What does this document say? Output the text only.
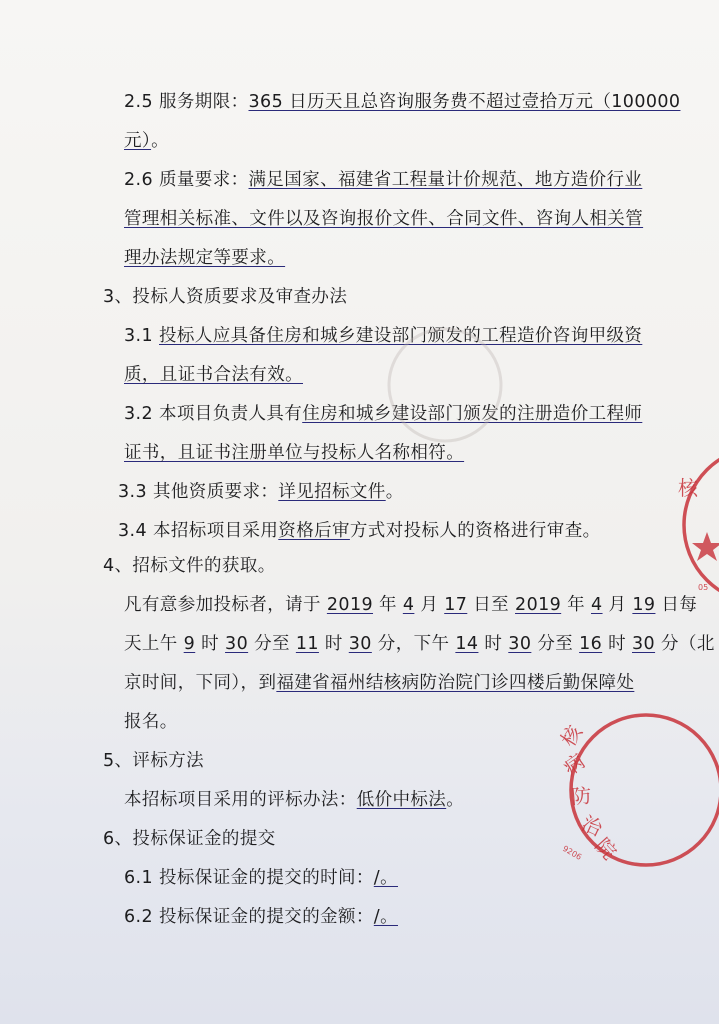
2.5 服务期限：365 日历天且总咨询服务费不超过壹拾万元（100000
元）。
2.6 质量要求：满足国家、福建省工程量计价规范、地方造价行业
管理相关标准、文件以及咨询报价文件、合同文件、咨询人相关管
理办法规定等要求。
3、投标人资质要求及审查办法
3.1 投标人应具备住房和城乡建设部门颁发的工程造价咨询甲级资
质，且证书合法有效。
3.2 本项目负责人具有住房和城乡建设部门颁发的注册造价工程师
证书，且证书注册单位与投标人名称相符。
3.3 其他资质要求：详见招标文件。
3.4 本招标项目采用资格后审方式对投标人的资格进行审查。
4、招标文件的获取。
凡有意参加投标者，请于 2019 年 4 月 17 日至 2019 年 4 月 19 日每
天上午 9 时 30 分至 11 时 30 分，下午 14 时 30 分至 16 时 30 分（北
京时间，下同），到福建省福州结核病防治院门诊四楼后勤保障处
报名。
5、评标方法
本招标项目采用的评标办法：低价中标法。
6、投标保证金的提交
6.1 投标保证金的提交的时间：/。
6.2 投标保证金的提交的金额：/。
核
05
核
病
防
治
院
9206
